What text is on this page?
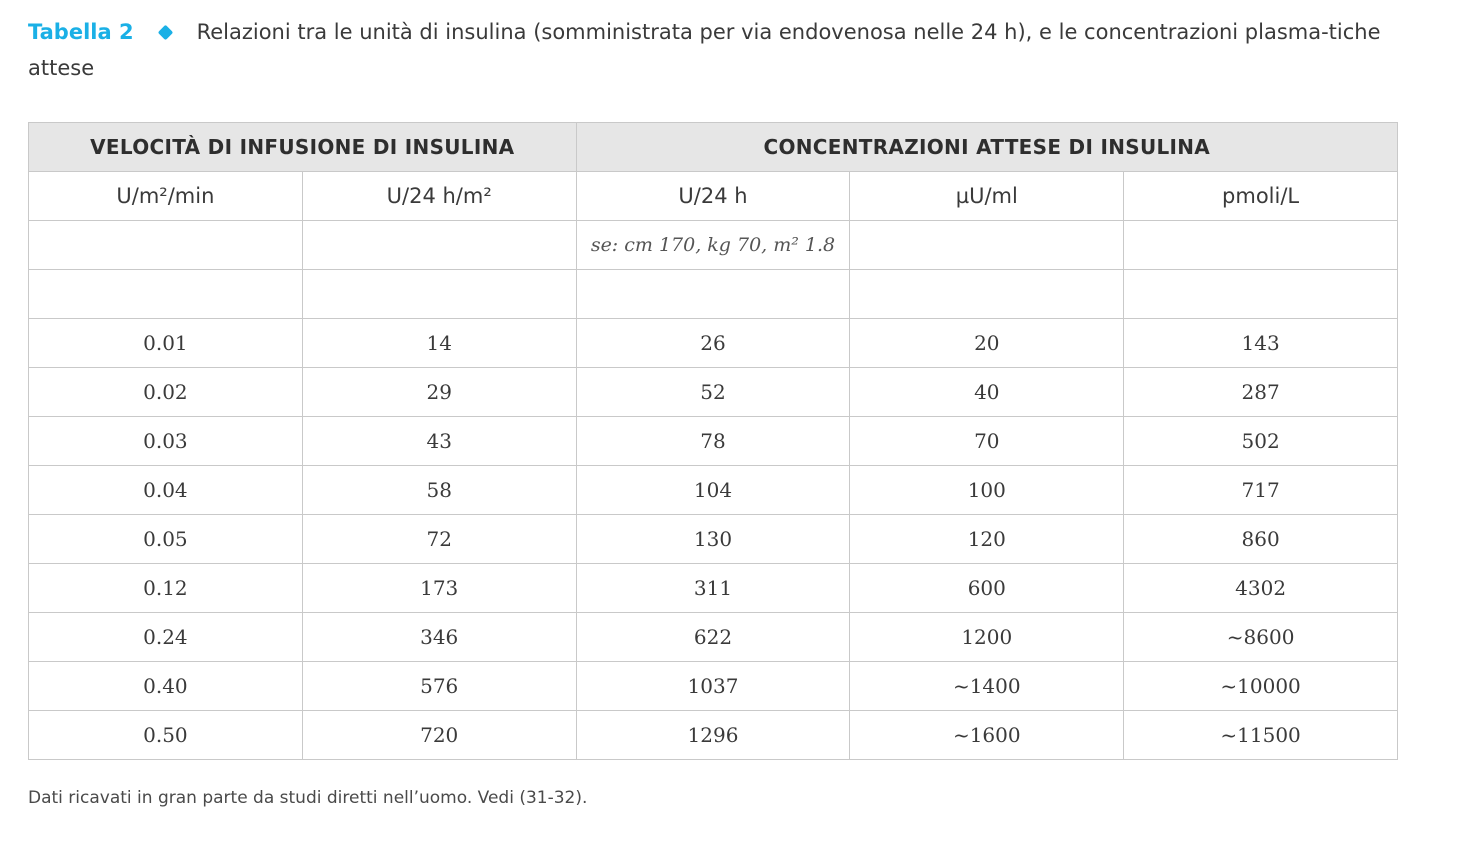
Tabella 2	Relazioni tra le unità di insulina (somministrata per via endovenosa nelle 24 h), e le concentrazioni plasma-tiche attese
VELOCITÀ DI INFUSIONE DI INSULINA		CONCENTRAZIONI ATTESE DI INSULINA		
U/m²/min	U/24 h/m²	U/24 h	µU/ml	pmoli/L
		se: cm 170, kg 70, m² 1.8		

0.01	14	26	20	143
0.02	29	52	40	287
0.03	43	78	70	502
0.04	58	104	100	717
0.05	72	130	120	860
0.12	173	311	600	4302
0.24	346	622	1200	~8600
0.40	576	1037	~1400	~10000
0.50	720	1296	~1600	~11500
Dati ricavati in gran parte da studi diretti nell’uomo. Vedi (31-32).
